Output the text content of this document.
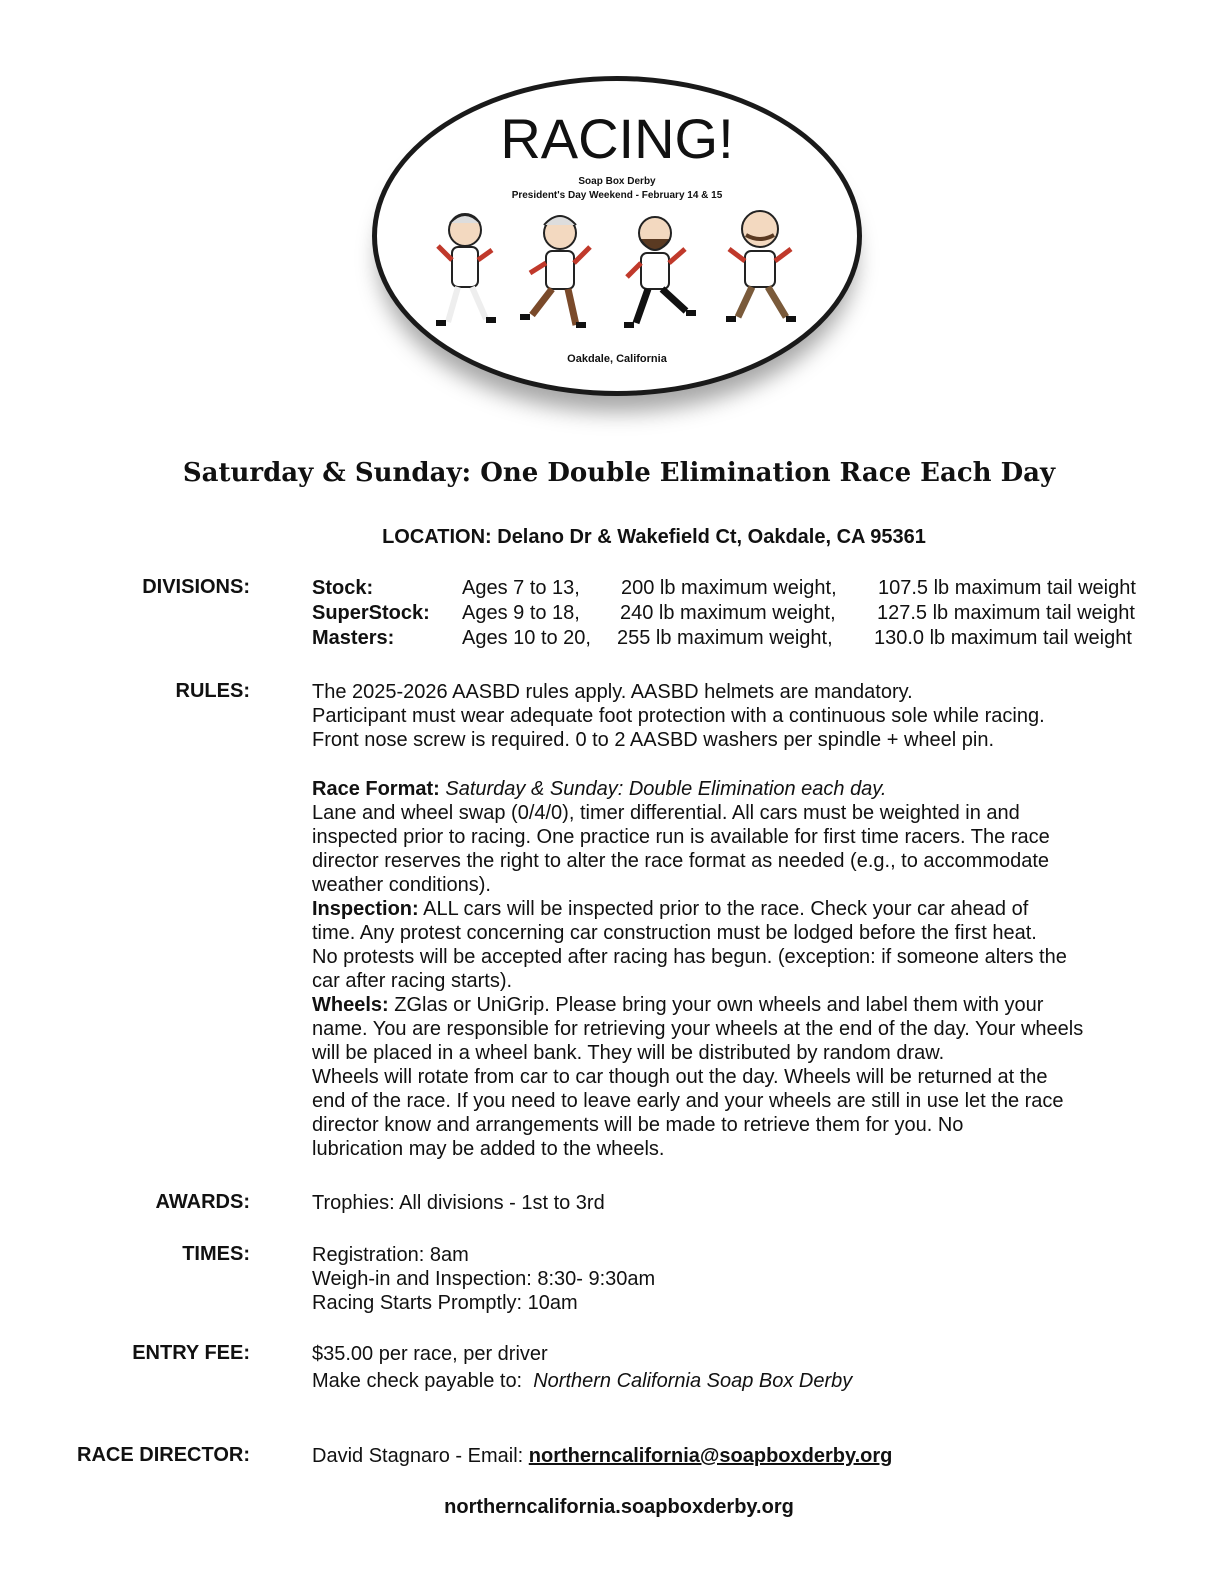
RACING!
Soap Box Derby
President's Day Weekend - February 14 & 15
Oakdale, California
Saturday & Sunday: One Double Elimination Race Each Day
LOCATION: Delano Dr & Wakefield Ct, Oakdale, CA 95361
DIVISIONS:	Stock:	Ages 7 to 13, 200 lb maximum weight, 107.5 lb maximum tail weight
SuperStock: Ages 9 to 18, 240 lb maximum weight, 127.5 lb maximum tail weight
Masters:	Ages 10 to 20, 255 lb maximum weight, 130.0 lb maximum tail weight
RULES:	The 2025-2026 AASBD rules apply. AASBD helmets are mandatory.
Participant must wear adequate foot protection with a continuous sole while racing.
Front nose screw is required. 0 to 2 AASBD washers per spindle + wheel pin.
Race Format: Saturday & Sunday: Double Elimination each day.
Lane and wheel swap (0/4/0), timer differential. All cars must be weighted in and
inspected prior to racing. One practice run is available for first time racers. The race
director reserves the right to alter the race format as needed (e.g., to accommodate
weather conditions).
Inspection: ALL cars will be inspected prior to the race. Check your car ahead of
time. Any protest concerning car construction must be lodged before the first heat.
No protests will be accepted after racing has begun. (exception: if someone alters the
car after racing starts).
Wheels: ZGlas or UniGrip. Please bring your own wheels and label them with your
name. You are responsible for retrieving your wheels at the end of the day. Your wheels
will be placed in a wheel bank. They will be distributed by random draw.
Wheels will rotate from car to car though out the day. Wheels will be returned at the
end of the race. If you need to leave early and your wheels are still in use let the race
director know and arrangements will be made to retrieve them for you. No
lubrication may be added to the wheels.
AWARDS:	Trophies: All divisions - 1st to 3rd
TIMES:	Registration: 8am
Weigh-in and Inspection: 8:30- 9:30am
Racing Starts Promptly: 10am
ENTRY FEE:	$35.00 per race, per driver
Make check payable to:  Northern California Soap Box Derby
RACE DIRECTOR:	David Stagnaro - Email: northerncalifornia@soapboxderby.org
northerncalifornia.soapboxderby.org
